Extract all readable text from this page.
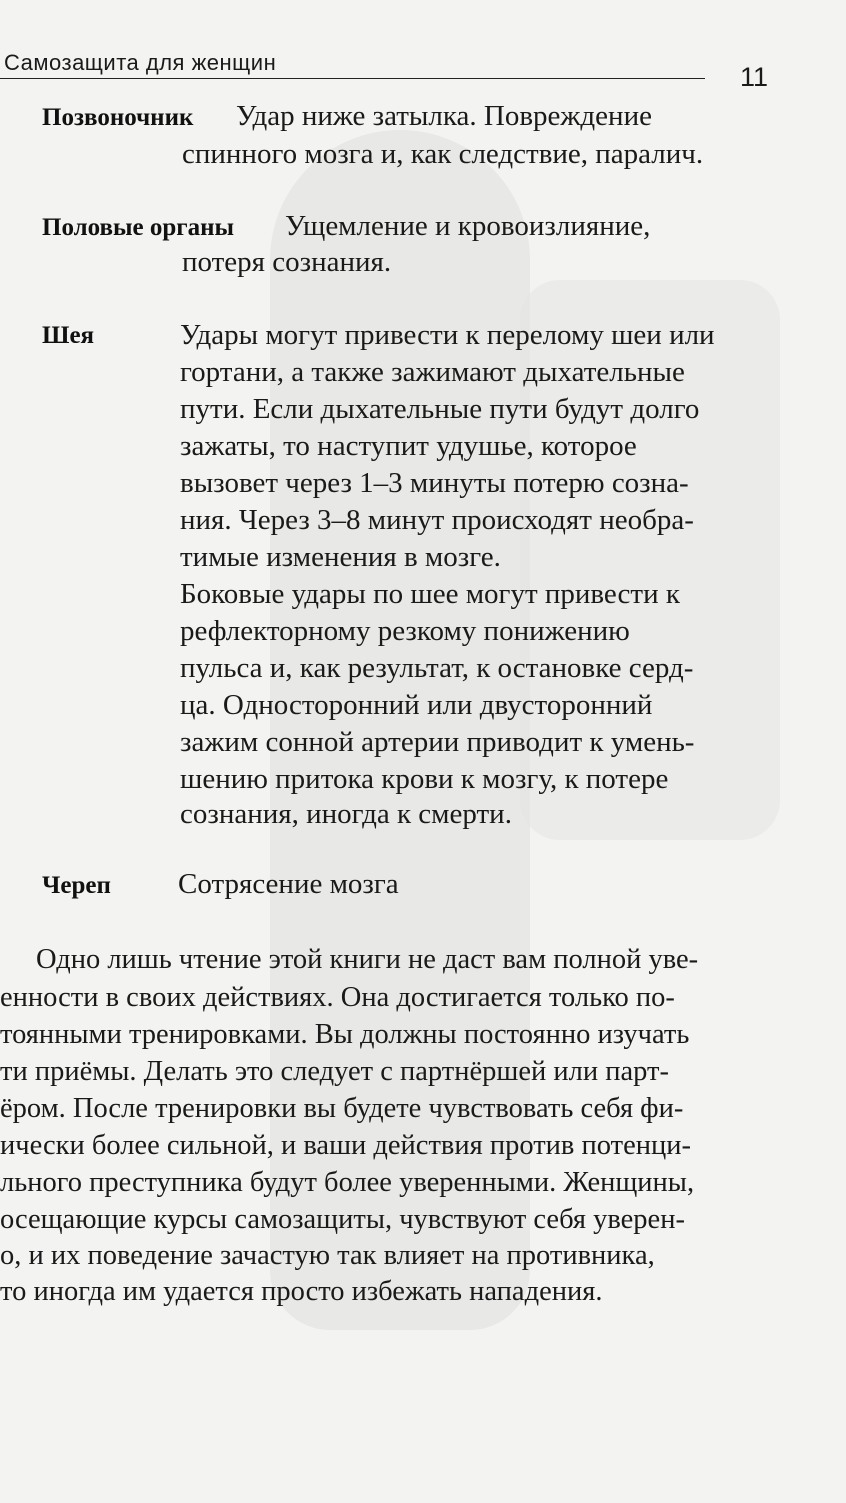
Самозащита для женщин	11
Позвоночник Удар ниже затылка. Повреждение
спинного мозга и, как следствие, паралич.
Половые органы Ущемление и кровоизлияние,
потеря сознания.
Шея	Удары могут привести к перелому шеи или
гортани, а также зажимают дыхательные
пути. Если дыхательные пути будут долго
зажаты, то наступит удушье, которое
вызовет через 1–3 минуты потерю созна-
ния. Через 3–8 минут происходят необра-
тимые изменения в мозге.
Боковые удары по шее могут привести к
рефлекторному резкому понижению
пульса и, как результат, к остановке серд-
ца. Односторонний или двусторонний
зажим сонной артерии приводит к умень-
шению притока крови к мозгу, к потере
сознания, иногда к смерти.
Череп Сотрясение мозга
Одно лишь чтение этой книги не даст вам полной уве-
енности в своих действиях. Она достигается только по-
тоянными тренировками. Вы должны постоянно изучать
ти приёмы. Делать это следует с партнёршей или парт-
ёром. После тренировки вы будете чувствовать себя фи-
ически более сильной, и ваши действия против потенци-
льного преступника будут более уверенными. Женщины,
осещающие курсы самозащиты, чувствуют себя уверен-
о, и их поведение зачастую так влияет на противника,
то иногда им удается просто избежать нападения.
